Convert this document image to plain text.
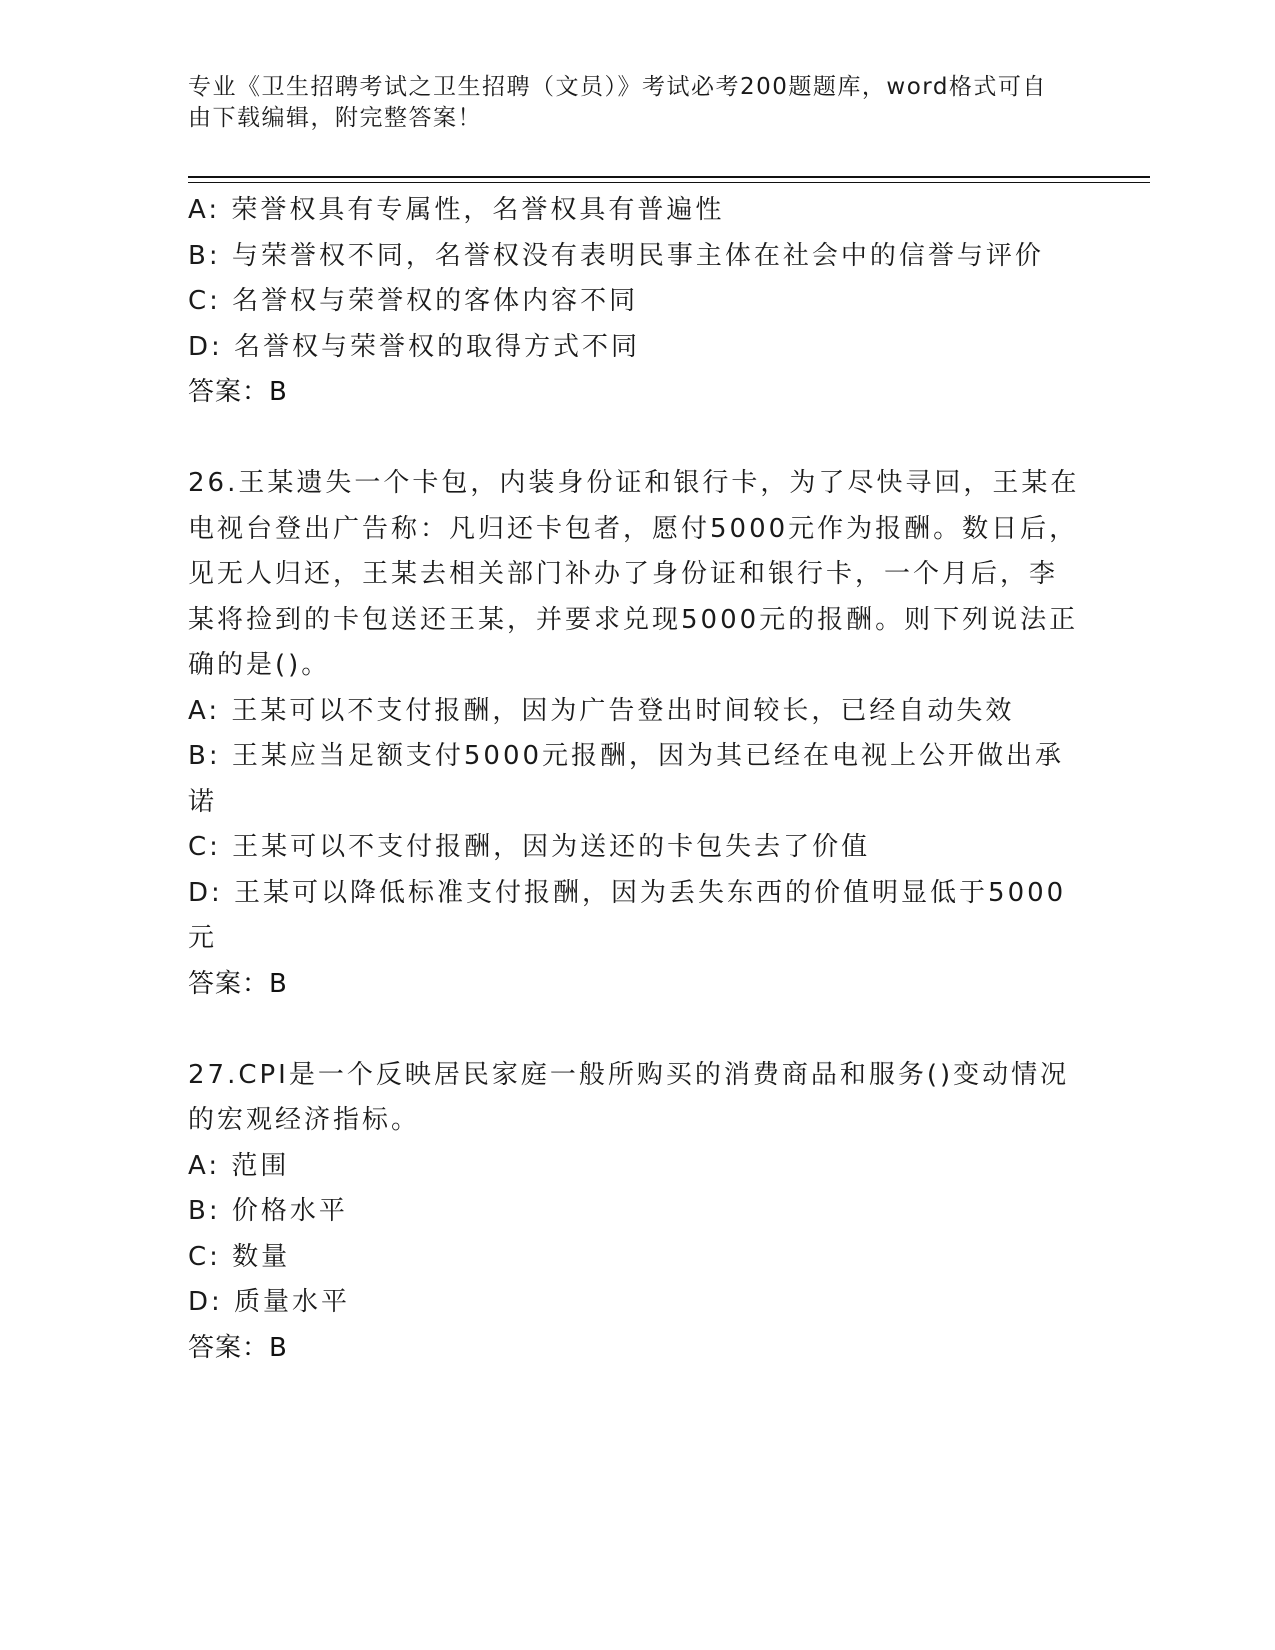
专业《卫生招聘考试之卫生招聘（文员）》考试必考200题题库，word格式可自
由下载编辑，附完整答案！
A: 荣誉权具有专属性，名誉权具有普遍性
B: 与荣誉权不同，名誉权没有表明民事主体在社会中的信誉与评价
C: 名誉权与荣誉权的客体内容不同
D: 名誉权与荣誉权的取得方式不同
答案：B
26.王某遗失一个卡包，内装身份证和银行卡，为了尽快寻回，王某在
电视台登出广告称：凡归还卡包者，愿付5000元作为报酬。数日后，
见无人归还，王某去相关部门补办了身份证和银行卡，一个月后，李
某将捡到的卡包送还王某，并要求兑现5000元的报酬。则下列说法正
确的是()。
A: 王某可以不支付报酬，因为广告登出时间较长，已经自动失效
B: 王某应当足额支付5000元报酬，因为其已经在电视上公开做出承
诺
C: 王某可以不支付报酬，因为送还的卡包失去了价值
D: 王某可以降低标准支付报酬，因为丢失东西的价值明显低于5000
元
答案：B
27.CPI是一个反映居民家庭一般所购买的消费商品和服务()变动情况
的宏观经济指标。
A: 范围
B: 价格水平
C: 数量
D: 质量水平
答案：B
